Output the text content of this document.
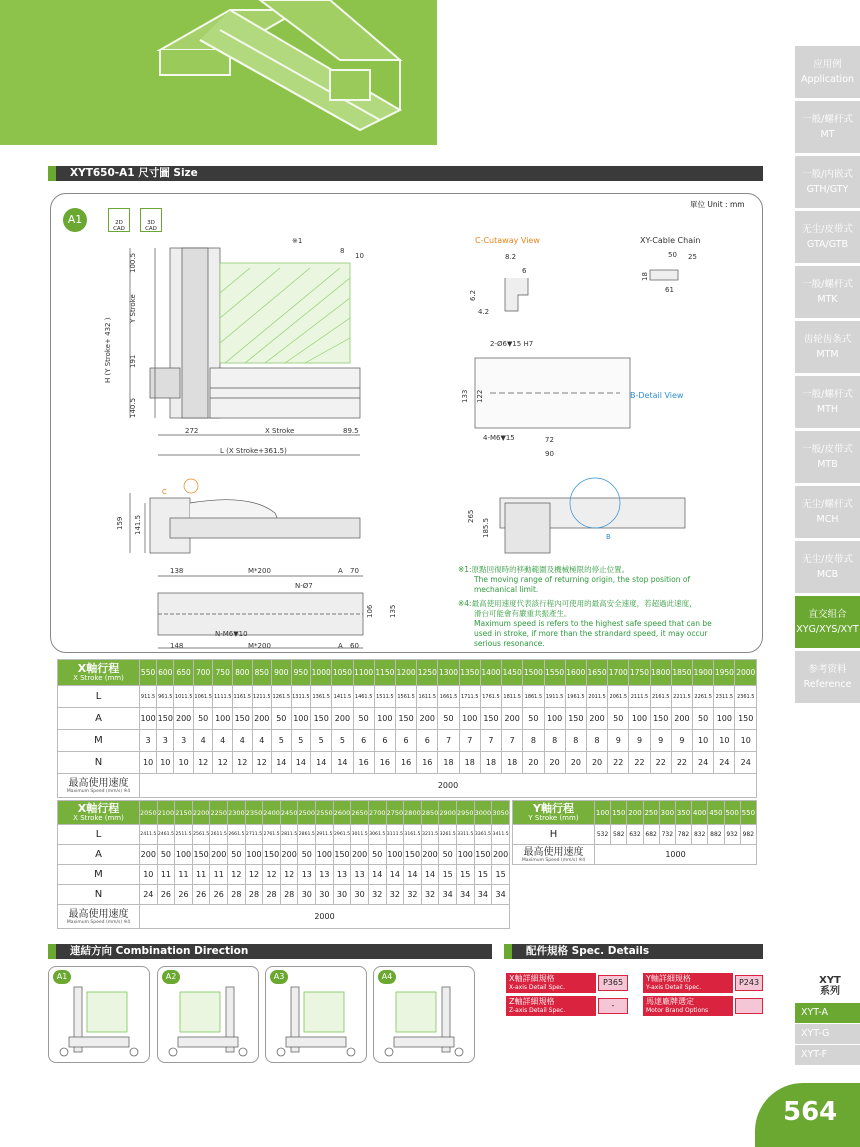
应用例
Application
一般/螺杆式
MT
一般/内嵌式
GTH/GTY
无尘/皮带式
GTA/GTB
一般/螺杆式
MTK
齿轮齿条式
MTM
一般/螺杆式
MTH
一般/皮带式
MTB
无尘/螺杆式
MCH
无尘/皮带式
MCB
直交组合
XYG/XYS/XYT
参考资料
Reference
XYT650-A1 尺寸圖 Size
單位 Unit : mm
A1	2D CAD
3D CAD
※1
8
10
100.5
Y Stroke
H (Y Stroke+ 432 ) 191
140.5
272	X Stroke	89.5
L (X Stroke+361.5)
159 141.5
138	M*200	A 70
N-Ø7
106 135
N-M6▼10
148	M*200	A 60
C
B
C-Cutaway View
8.2
6
6.2
4.2
XY-Cable Chain
50 25
18
61
B-Detail View
2-Ø6▼15 H7
133 122
4-M6▼15	72
90
265
185.5
※1:原點回復時的移動範圍及機械極限的停止位置。
The moving range of returning origin, the stop position of mechanical limit.
※4:最高使用速度代表該行程內可使用的最高安全速度，若超過此速度，
滑台可能會有嚴重共振產生。
Maximum speed is refers to the highest safe speed that can be used in stroke, if more than the strandard speed, it may occur serious resonance.
X軸行程
X Stroke (mm)	550	600	650	700	750	800	850	900	950	1000	1050	1100	1150	1200	1250	1300	1350	1400	1450	1500	1550	1600	1650	1700	1750	1800	1850	1900	1950	2000
L	911.5	961.5	1011.5	1061.5	1111.5	1161.5	1211.5	1261.5	1311.5	1361.5	1411.5	1461.5	1511.5	1561.5	1611.5	1661.5	1711.5	1761.5	1811.5	1861.5	1911.5	1961.5	2011.5	2061.5	2111.5	2161.5	2211.5	2261.5	2311.5	2361.5
A	100	150	200	50	100	150	200	50	100	150	200	50	100	150	200	50	100	150	200	50	100	150	200	50	100	150	200	50	100	150
M	3	3	3	4	4	4	4	5	5	5	5	6	6	6	6	7	7	7	7	8	8	8	8	9	9	9	9	10	10	10
N	10	10	10	12	12	12	12	14	14	14	14	16	16	16	16	18	18	18	18	20	20	20	20	22	22	22	22	24	24	24

最高使用速度
Maximum Speed (mm/s) ※4	2000																													
X軸行程
X Stroke (mm)	2050	2100	2150	2200	2250	2300	2350	2400	2450	2500	2550	2600	2650	2700	2750	2800	2850	2900	2950	3000	3050
L	2411.5	2461.5	2511.5	2561.5	2611.5	2661.5	2711.5	2761.5	2811.5	2861.5	2911.5	2961.5	3011.5	3061.5	3111.5	3161.5	3211.5	3261.5	3311.5	3361.5	3411.5
A	200	50	100	150	200	50	100	150	200	50	100	150	200	50	100	150	200	50	100	150	200
M	10	11	11	11	11	12	12	12	12	13	13	13	13	14	14	14	14	15	15	15	15
N	24	26	26	26	26	28	28	28	28	30	30	30	30	32	32	32	32	34	34	34	34

最高使用速度
Maximum Speed (mm/s) ※4	2000																				
Y軸行程
Y Stroke (mm)	100	150	200	250	300	350	400	450	500	550
H	532	582	632	682	732	782	832	882	932	982

最高使用速度
Maximum Speed (mm/s) ※4	1000									
連結方向 Combination Direction
A1	A2	A3	A4
配件規格 Spec. Details
X軸詳細規格
X-axis Detail Spec.
P365	Y軸詳細規格
Y-axis Detail Spec.
P243
Z軸詳細規格
Z-axis Detail Spec.
-	馬達廠牌選定
Motor Brand Options
XYT
系列
XYT-A
XYT-G
XYT-F
564
